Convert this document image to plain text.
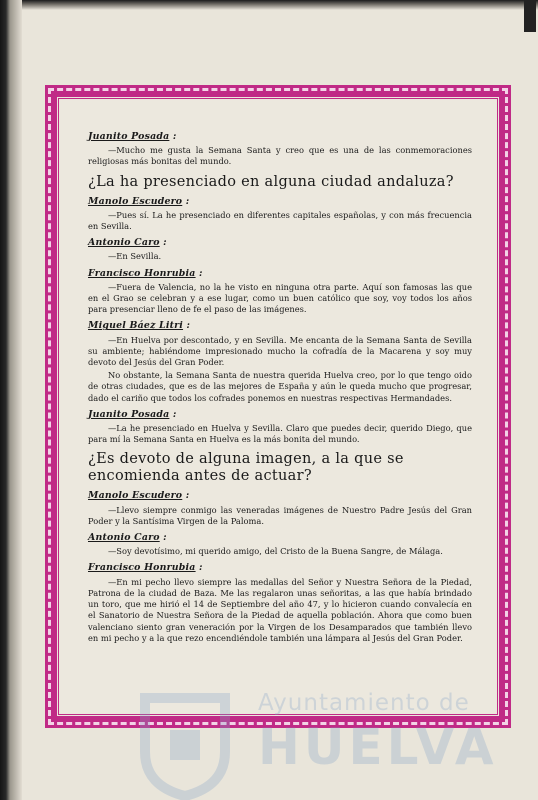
Juanito Posada :

—Mucho me gusta la Semana Santa y creo que es una de las conmemoraciones religiosas más bonitas del mundo.

¿La ha presenciado en alguna ciudad andaluza?
Manolo Escudero :

—Pues sí. La he presenciado en diferentes capitales españolas, y con más frecuencia en Sevilla.

Antonio Caro :

—En Sevilla.

Francisco Honrubia :

—Fuera de Valencia, no la he visto en ninguna otra parte. Aquí son famosas las que en el Grao se celebran y a ese lugar, como un buen católico que soy, voy todos los años para presenciar lleno de fe el paso de las imágenes.

Miguel Báez Litri :

—En Huelva por descontado, y en Sevilla. Me encanta de la Semana Santa de Sevilla su ambiente; habiéndome impresionado mucho la cofradía de la Macarena y soy muy devoto del Jesús del Gran Poder.

No obstante, la Semana Santa de nuestra querida Huelva creo, por lo que tengo oido de otras ciudades, que es de las mejores de España y aún le queda mucho que progresar, dado el cariño que todos los cofrades ponemos en nuestras respectivas Hermandades.

Juanito Posada :

—La he presenciado en Huelva y Sevilla. Claro que puedes decir, querido Diego, que para mí la Semana Santa en Huelva es la más bonita del mundo.

¿Es devoto de alguna imagen, a la que se encomienda antes de actuar?
Manolo Escudero :

—Llevo siempre conmigo las veneradas imágenes de Nuestro Padre Jesús del Gran Poder y la Santísima Virgen de la Paloma.

Antonio Caro :

—Soy devotísimo, mi querido amigo, del Cristo de la Buena Sangre, de Málaga.

Francisco Honrubia :

—En mi pecho llevo siempre las medallas del Señor y Nuestra Señora de la Piedad, Patrona de la ciudad de Baza. Me las regalaron unas señoritas, a las que había brindado un toro, que me hirió el 14 de Septiembre del año 47, y lo hicieron cuando convalecía en el Sanatorio de Nuestra Señora de la Piedad de aquella población. Ahora que como buen valenciano siento gran veneración por la Virgen de los Desamparados que también llevo en mi pecho y a la que rezo encendiéndole también una lámpara al Jesús del Gran Poder.

Ayuntamiento de
HUELVA
